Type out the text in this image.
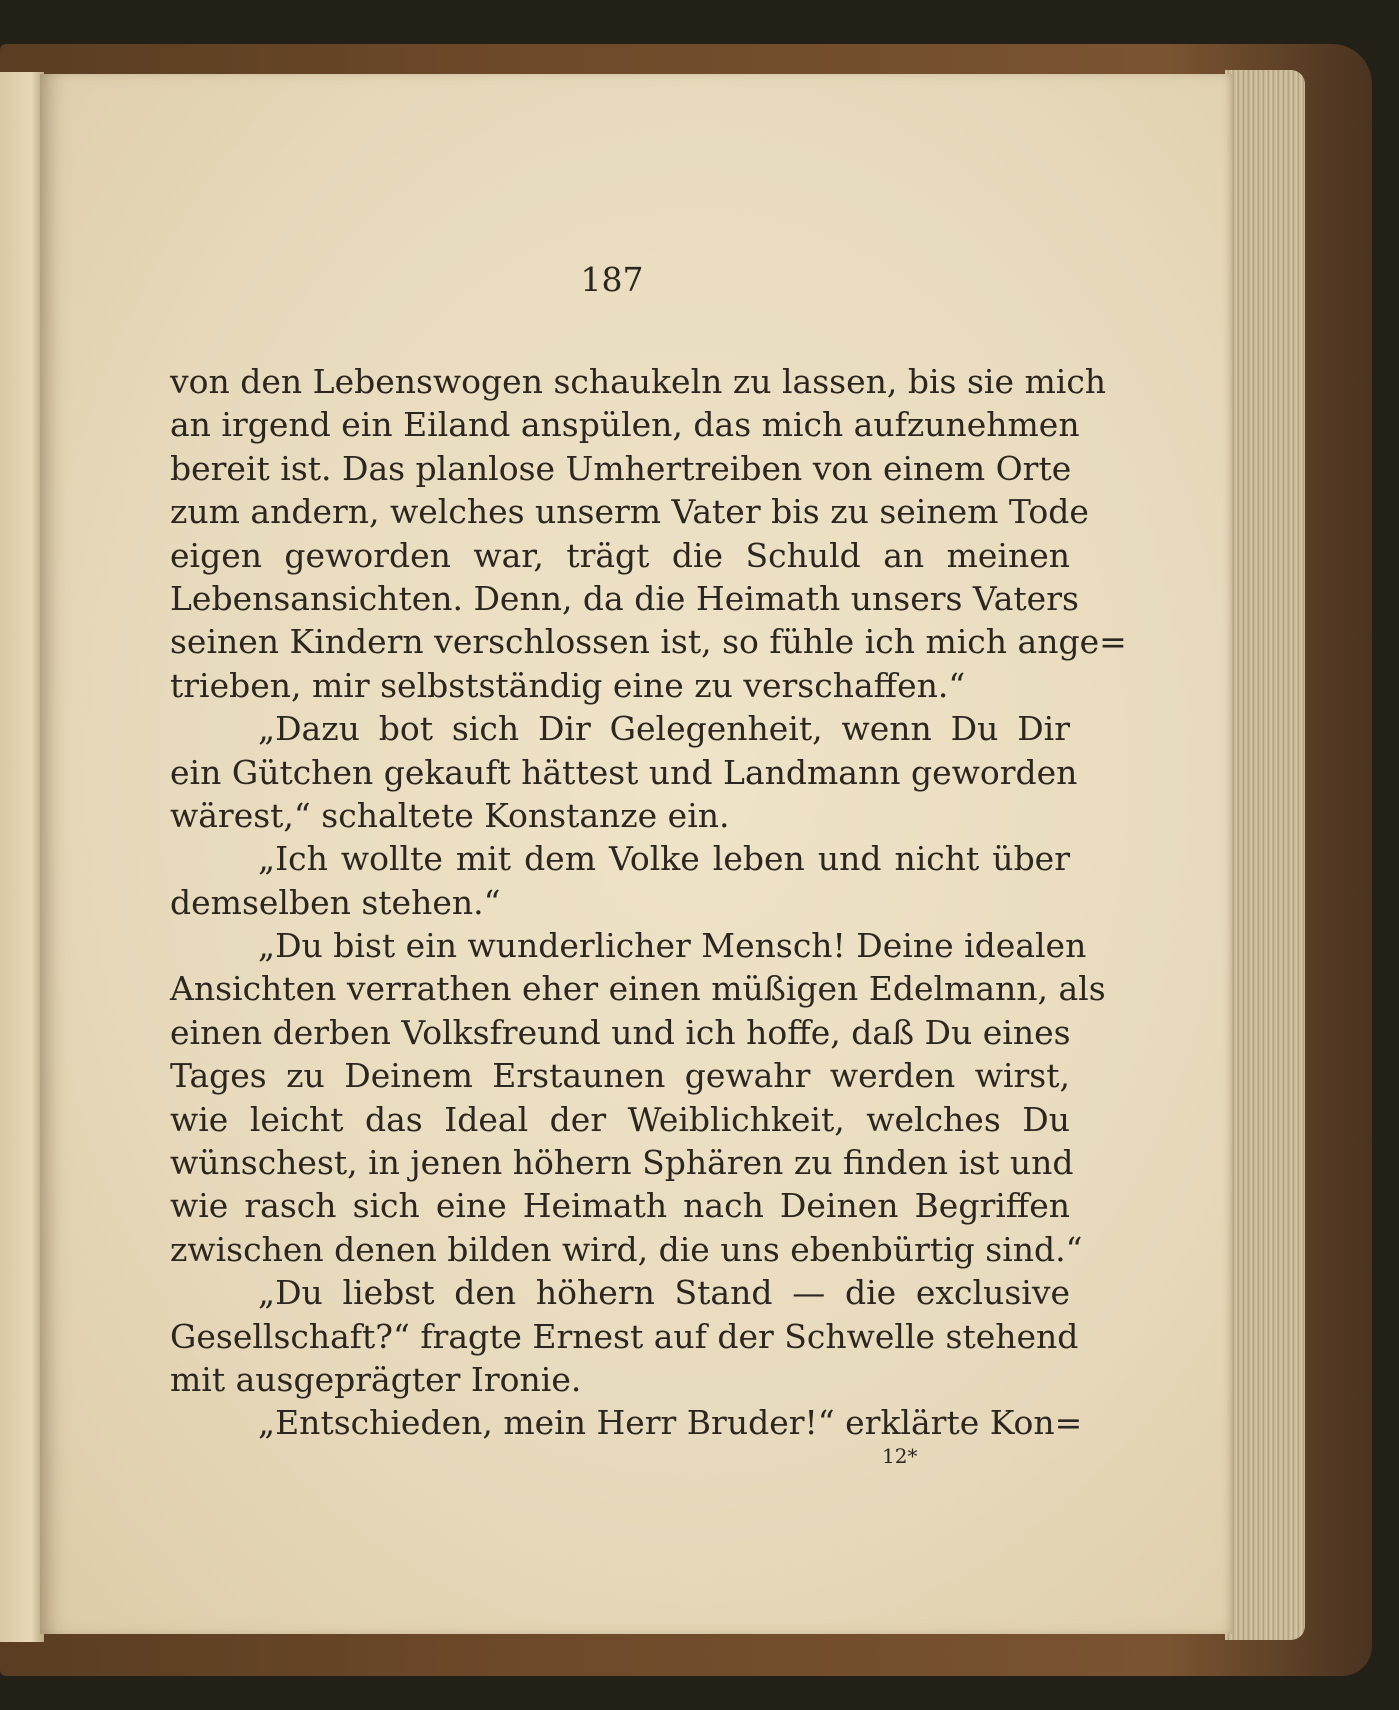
187
von den Lebenswogen schaukeln zu lassen, bis sie mich
an irgend ein Eiland anspülen, das mich aufzunehmen
bereit ist. Das planlose Umhertreiben von einem Orte
zum andern, welches unserm Vater bis zu seinem Tode
eigen geworden war, trägt die Schuld an meinen
Lebensansichten. Denn, da die Heimath unsers Vaters
seinen Kindern verschlossen ist, so fühle ich mich ange=
trieben, mir selbstständig eine zu verschaffen.“
„Dazu bot sich Dir Gelegenheit, wenn Du Dir
ein Gütchen gekauft hättest und Landmann geworden
wärest,“ schaltete Konstanze ein.
„Ich wollte mit dem Volke leben und nicht über
demselben stehen.“
„Du bist ein wunderlicher Mensch! Deine idealen
Ansichten verrathen eher einen müßigen Edelmann, als
einen derben Volksfreund und ich hoffe, daß Du eines
Tages zu Deinem Erstaunen gewahr werden wirst,
wie leicht das Ideal der Weiblichkeit, welches Du
wünschest, in jenen höhern Sphären zu finden ist und
wie rasch sich eine Heimath nach Deinen Begriffen
zwischen denen bilden wird, die uns ebenbürtig sind.“
„Du liebst den höhern Stand — die exclusive
Gesellschaft?“ fragte Ernest auf der Schwelle stehend
mit ausgeprägter Ironie.
„Entschieden, mein Herr Bruder!“ erklärte Kon=
12*
